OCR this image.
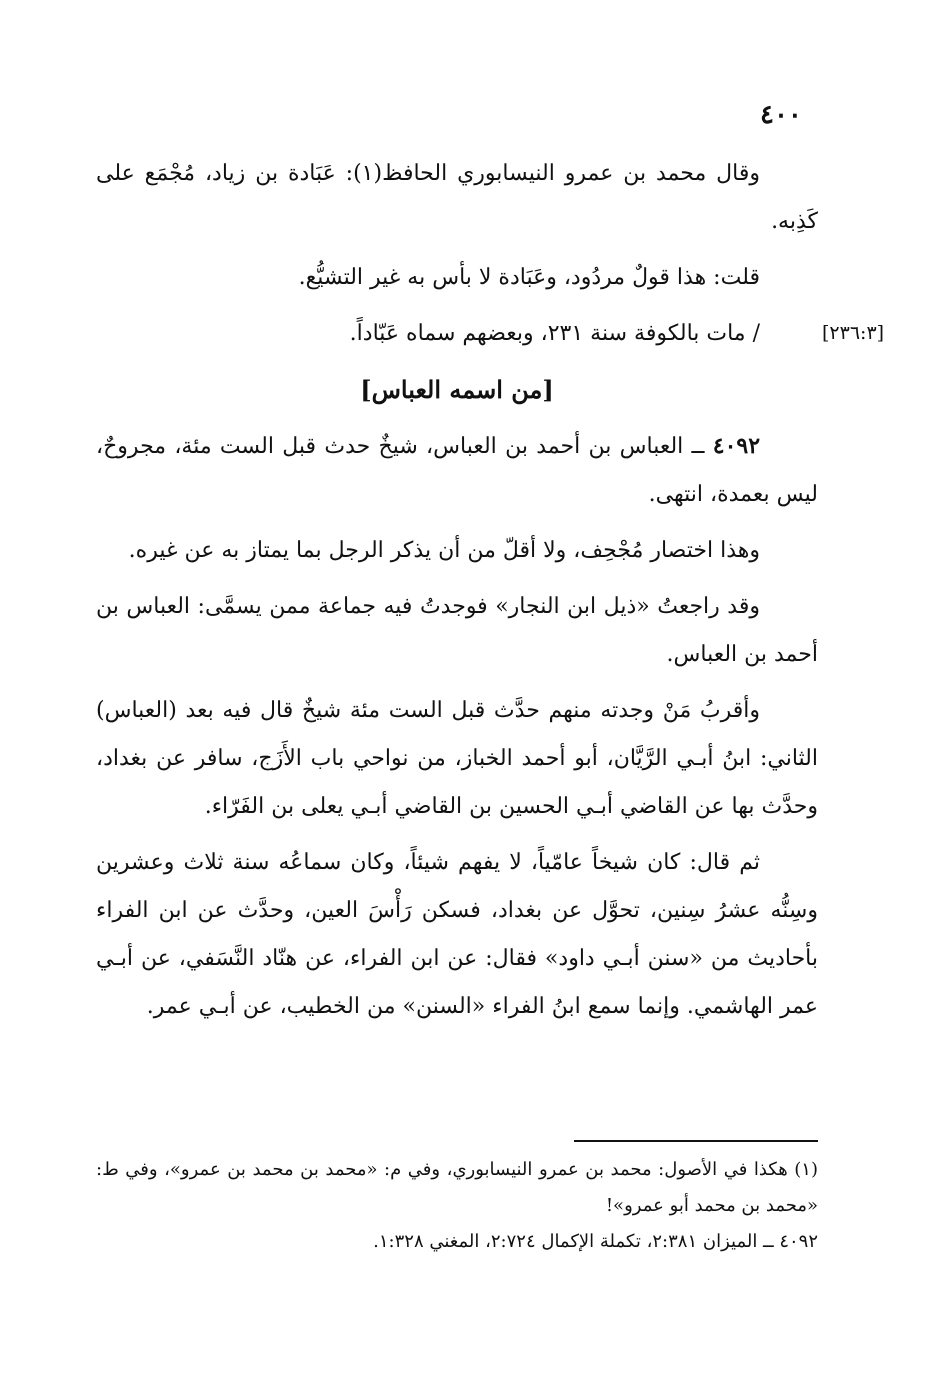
٤٠٠
[٢٣٦:٣]

وقال محمد بن عمرو النيسابوري الحافظ(١): عَبَادة بن زياد، مُجْمَع على كَذِبه.

قلت: هذا قولٌ مردُود، وعَبَادة لا بأس به غير التشيُّع.

/ مات بالكوفة سنة ٢٣١، وبعضهم سماه عَبّاداً.

[من اسمه العباس]

٤٠٩٢ ــ العباس بن أحمد بن العباس، شيخٌ حدث قبل الست مئة، مجروحٌ، ليس بعمدة، انتهى.

وهذا اختصار مُجْحِف، ولا أقلّ من أن يذكر الرجل بما يمتاز به عن غيره.

وقد راجعتُ «ذيل ابن النجار» فوجدتُ فيه جماعة ممن يسمَّى: العباس بن أحمد بن العباس.

وأقربُ مَنْ وجدته منهم حدَّث قبل الست مئة شيخٌ قال فيه بعد (العباس) الثاني: ابنُ أبـي الرَّيَّان، أبو أحمد الخباز، من نواحي باب الأَزَج، سافر عن بغداد، وحدَّث بها عن القاضي أبـي الحسين بن القاضي أبـي يعلى بن الفَرّاء.

ثم قال: كان شيخاً عامّياً، لا يفهم شيئاً، وكان سماعُه سنة ثلاث وعشرين وسِنُّه عشرُ سِنين، تحوَّل عن بغداد، فسكن رَأْسَ العين، وحدَّث عن ابن الفراء بأحاديث من «سنن أبـي داود» فقال: عن ابن الفراء، عن هنّاد النَّسَفي، عن أبـي عمر الهاشمي. وإنما سمع ابنُ الفراء «السنن» من الخطيب، عن أبـي عمر.

(١) هكذا في الأصول: محمد بن عمرو النيسابوري، وفي م: «محمد بن محمد بن عمرو»، وفي ط: «محمد بن محمد أبو عمرو»!

٤٠٩٢ ــ الميزان ٢:٣٨١، تكملة الإكمال ٢:٧٢٤، المغني ١:٣٢٨.
